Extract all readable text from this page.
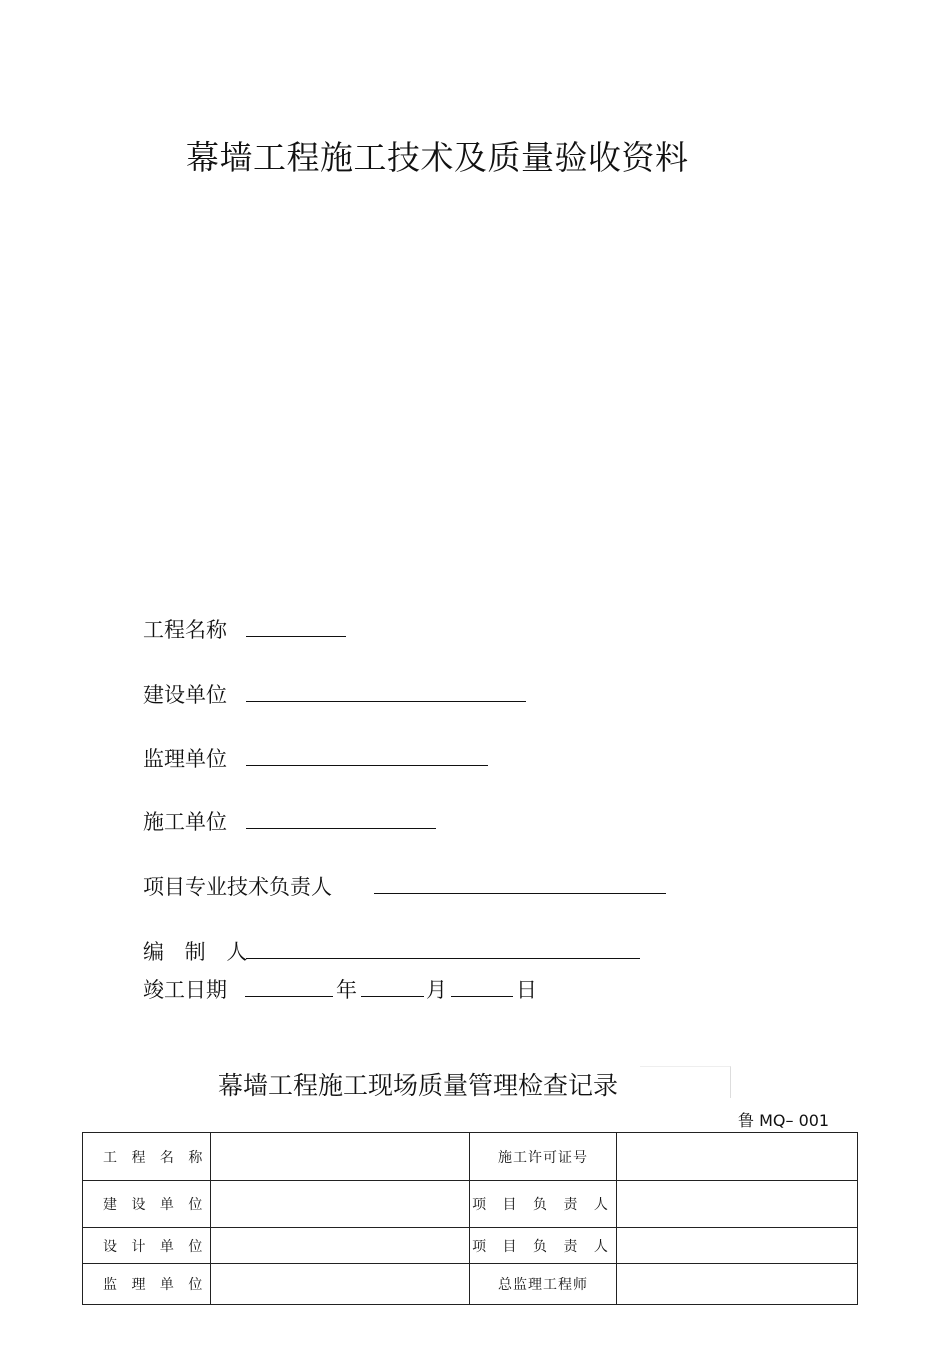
幕墙工程施工技术及质量验收资料
工程名称
建设单位
监理单位
施工单位
项目专业技术负责人
编 制 人
竣工日期	年	月	日
幕墙工程施工现场质量管理检查记录
鲁 MQ– 001
工 程 名 称		施工许可证号	
建 设 单 位		项 目 负 责 人	
设 计 单 位		项 目 负 责 人	
监 理 单 位		总监理工程师	
